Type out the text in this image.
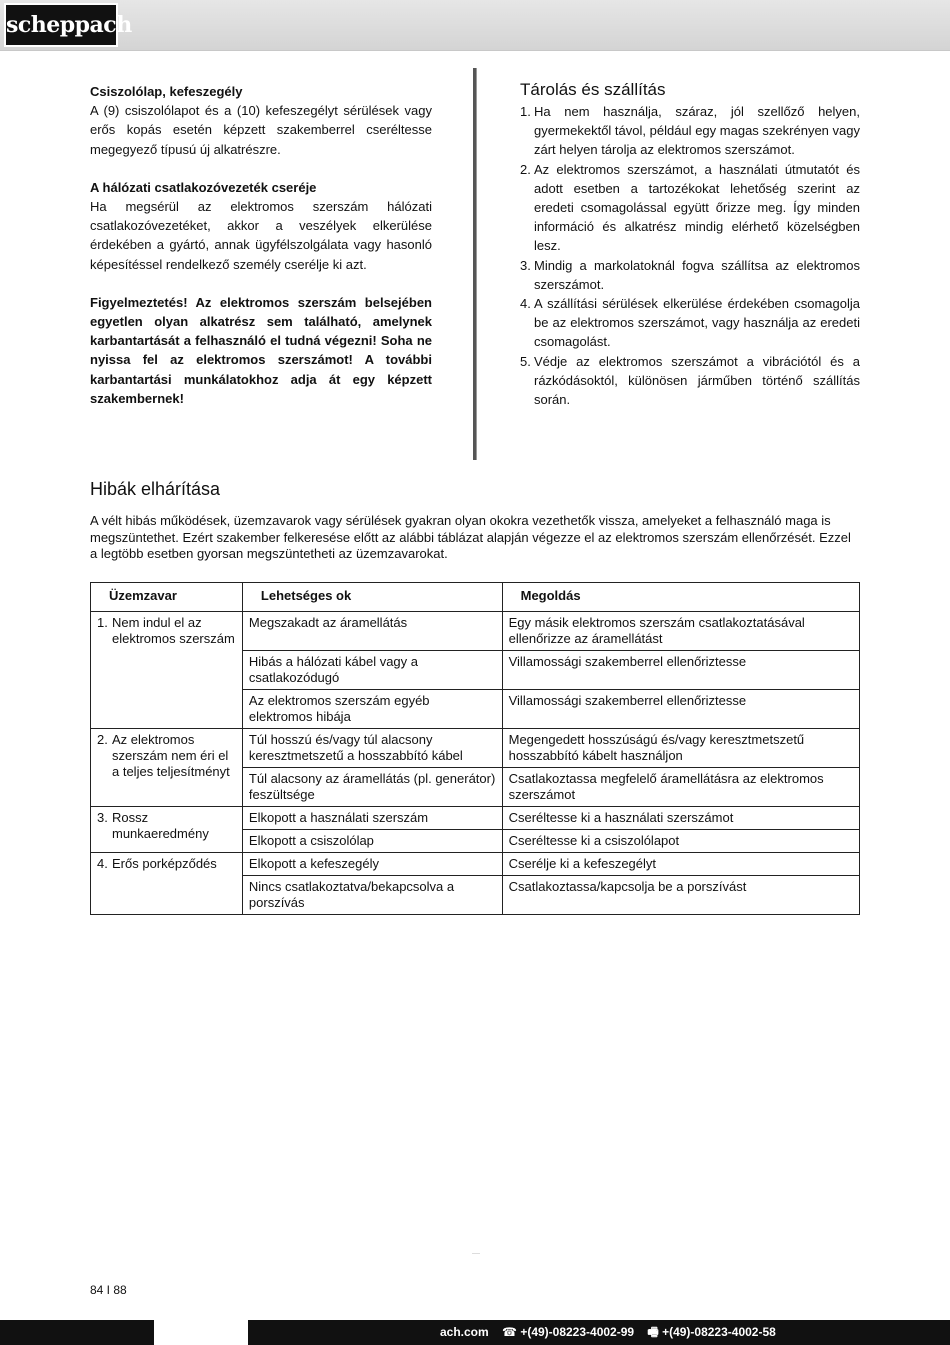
scheppach

Csiszolólap, kefeszegély

A (9) csiszolólapot és a (10) kefeszegélyt sérülések vagy erős kopás esetén képzett szakemberrel cseréltesse megegyező típusú új alkatrészre.

A hálózati csatlakozóvezeték cseréje

Ha megsérül az elektromos szerszám hálózati csatlakozóvezetéket, akkor a veszélyek elkerülése érdekében a gyártó, annak ügyfélszolgálata vagy hasonló képesítéssel rendelkező személy cserélje ki azt.

Figyelmeztetés! Az elektromos szerszám belsejében egyetlen olyan alkatrész sem található, amelynek karbantartását a felhasználó el tudná végezni! Soha ne nyissa fel az elektromos szerszámot! A további karbantartási munkálatokhoz adja át egy képzett szakembernek!

Tárolás és szállítás
1. Ha nem használja, száraz, jól szellőző helyen, gyermekektől távol, például egy magas szekrényen vagy zárt helyen tárolja az elektromos szerszámot.
2. Az elektromos szerszámot, a használati útmutatót és adott esetben a tartozékokat lehetőség szerint az eredeti csomagolással együtt őrizze meg. Így minden információ és alkatrész mindig elérhető közelségben lesz.
3. Mindig a markolatoknál fogva szállítsa az elektromos szerszámot.
4. A szállítási sérülések elkerülése érdekében csomagolja be az elektromos szerszámot, vagy használja az eredeti csomagolást.
5. Védje az elektromos szerszámot a vibrációtól és a rázkódásoktól, különösen járműben történő szállítás során.
Hibák elhárítása

A vélt hibás működések, üzemzavarok vagy sérülések gyakran olyan okokra vezethetők vissza, amelyeket a felhasználó maga is megszüntethet. Ezért szakember felkeresése előtt az alábbi táblázat alapján végezze el az elektromos szerszám ellenőrzését. Ezzel a legtöbb esetben gyorsan megszüntetheti az üzemzavarokat.

Üzemzavar	Lehetséges ok	Megoldás

1. Nem indul el az elektromos szerszám	Megszakadt az áramellátás	Egy másik elektromos szerszám csatlakoztatásával ellenőrizze az áramellátást
	Hibás a hálózati kábel vagy a csatlakozódugó	Villamossági szakemberrel ellenőriztesse
	Az elektromos szerszám egyéb elektromos hibája	Villamossági szakemberrel ellenőriztesse

2. Az elektromos szerszám nem éri el a teljes teljesítményt	Túl hosszú és/vagy túl alacsony keresztmetszetű a hosszabbító kábel	Megengedett hosszúságú és/vagy keresztmetszetű hosszabbító kábelt használjon
	Túl alacsony az áramellátás (pl. generátor) feszültsége	Csatlakoztassa megfelelő áramellátásra az elektromos szerszámot

3. Rossz munkaeredmény	Elkopott a használati szerszám	Cseréltesse ki a használati szerszámot
	Elkopott a csiszolólap	Cseréltesse ki a csiszolólapot

4. Erős porképződés	Elkopott a kefeszegély	Cserélje ki a kefeszegélyt
	Nincs csatlakoztatva/bekapcsolva a porszívás	Csatlakoztassa/kapcsolja be a porszívást
84 I 88
ach.com ☎ +(49)-08223-4002-99 🖷 +(49)-08223-4002-58
